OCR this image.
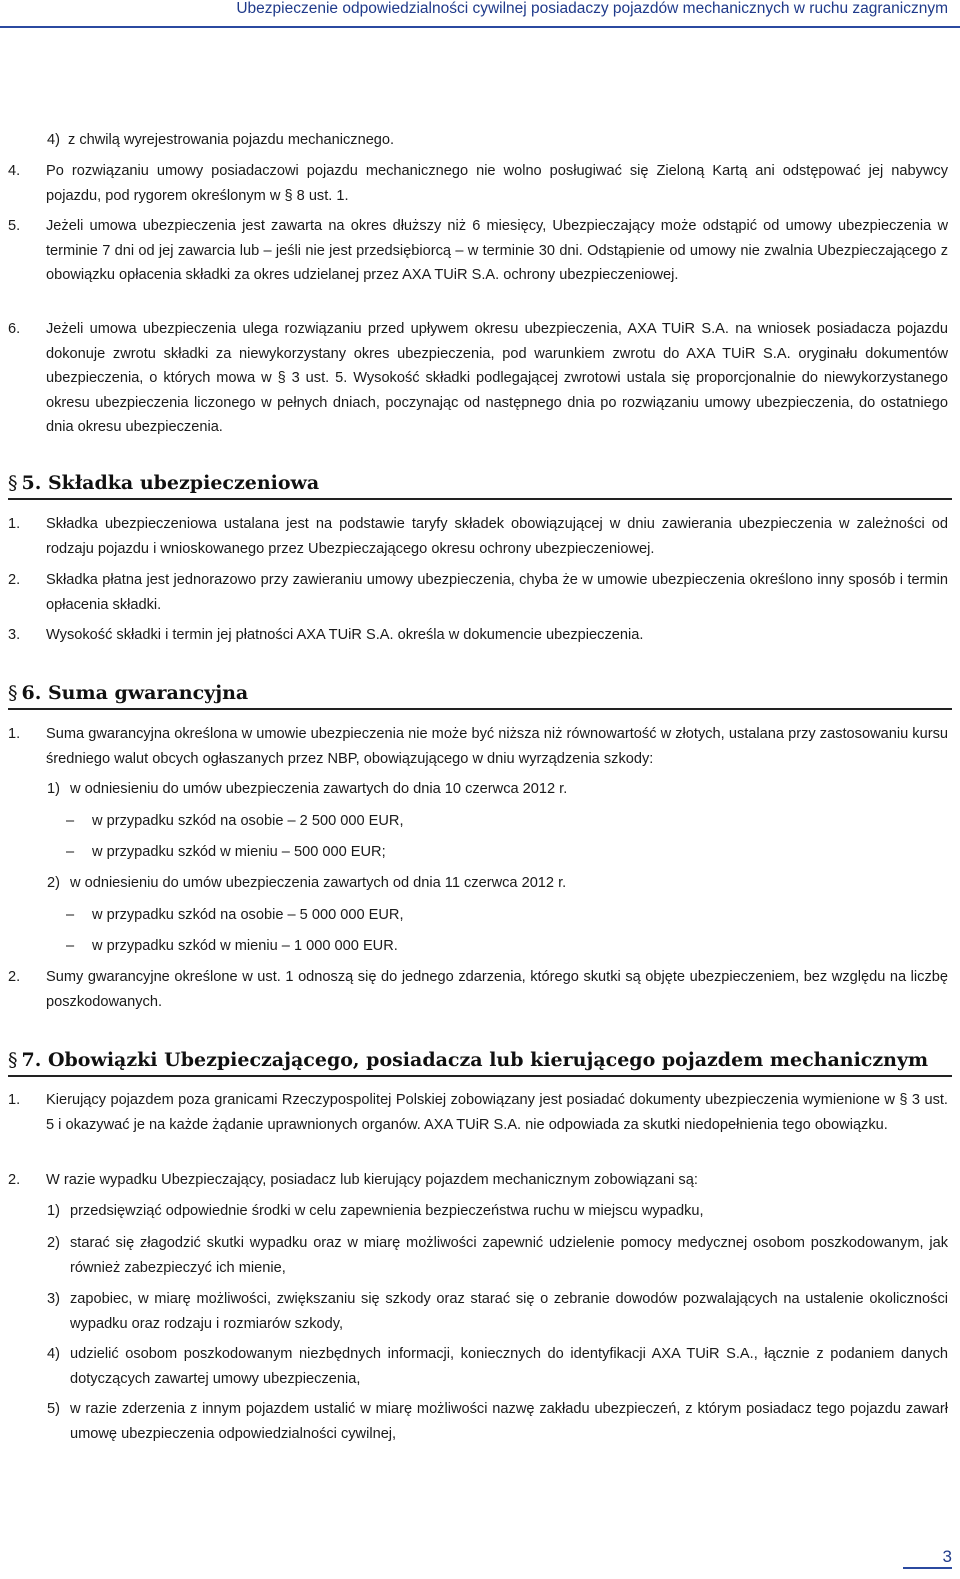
Ubezpieczenie odpowiedzialności cywilnej posiadaczy pojazdów mechanicznych w ruchu zagranicznym
4) z chwilą wyrejestrowania pojazdu mechanicznego.
4. Po rozwiązaniu umowy posiadaczowi pojazdu mechanicznego nie wolno posługiwać się Zieloną Kartą ani odstępować jej nabywcy pojazdu, pod rygorem określonym w § 8 ust. 1.
5. Jeżeli umowa ubezpieczenia jest zawarta na okres dłuższy niż 6 miesięcy, Ubezpieczający może odstąpić od umowy ubezpieczenia w terminie 7 dni od jej zawarcia lub – jeśli nie jest przedsiębiorcą – w terminie 30 dni. Odstąpienie od umowy nie zwalnia Ubezpieczającego z obowiązku opłacenia składki za okres udzielanej przez AXA TUiR S.A. ochrony ubezpieczeniowej.
6. Jeżeli umowa ubezpieczenia ulega rozwiązaniu przed upływem okresu ubezpieczenia, AXA TUiR S.A. na wniosek posiadacza pojazdu dokonuje zwrotu składki za niewykorzystany okres ubezpieczenia, pod warunkiem zwrotu do AXA TUiR S.A. oryginału dokumentów ubezpieczenia, o których mowa w § 3 ust. 5. Wysokość składki podlegającej zwrotowi ustala się proporcjonalnie do niewykorzystanego okresu ubezpieczenia liczonego w pełnych dniach, poczynając od następnego dnia po rozwiązaniu umowy ubezpieczenia, do ostatniego dnia okresu ubezpieczenia.
§ 5. Składka ubezpieczeniowa
1. Składka ubezpieczeniowa ustalana jest na podstawie taryfy składek obowiązującej w dniu zawierania ubezpieczenia w zależności od rodzaju pojazdu i wnioskowanego przez Ubezpieczającego okresu ochrony ubezpieczeniowej.
2. Składka płatna jest jednorazowo przy zawieraniu umowy ubezpieczenia, chyba że w umowie ubezpieczenia określono inny sposób i termin opłacenia składki.
3. Wysokość składki i termin jej płatności AXA TUiR S.A. określa w dokumencie ubezpieczenia.
§ 6. Suma gwarancyjna
1. Suma gwarancyjna określona w umowie ubezpieczenia nie może być niższa niż równowartość w złotych, ustalana przy zastosowaniu kursu średniego walut obcych ogłaszanych przez NBP, obowiązującego w dniu wyrządzenia szkody:
1) w odniesieniu do umów ubezpieczenia zawartych do dnia 10 czerwca 2012 r.
– w przypadku szkód na osobie – 2 500 000 EUR,
– w przypadku szkód w mieniu – 500 000 EUR;
2) w odniesieniu do umów ubezpieczenia zawartych od dnia 11 czerwca 2012 r.
– w przypadku szkód na osobie – 5 000 000 EUR,
– w przypadku szkód w mieniu – 1 000 000 EUR.
2. Sumy gwarancyjne określone w ust. 1 odnoszą się do jednego zdarzenia, którego skutki są objęte ubezpieczeniem, bez względu na liczbę poszkodowanych.
§ 7. Obowiązki Ubezpieczającego, posiadacza lub kierującego pojazdem mechanicznym
1. Kierujący pojazdem poza granicami Rzeczypospolitej Polskiej zobowiązany jest posiadać dokumenty ubezpieczenia wymienione w § 3 ust. 5 i okazywać je na każde żądanie uprawnionych organów. AXA TUiR S.A. nie odpowiada za skutki niedopełnienia tego obowiązku.
2. W razie wypadku Ubezpieczający, posiadacz lub kierujący pojazdem mechanicznym zobowiązani są:
1) przedsięwziąć odpowiednie środki w celu zapewnienia bezpieczeństwa ruchu w miejscu wypadku,
2) starać się złagodzić skutki wypadku oraz w miarę możliwości zapewnić udzielenie pomocy medycznej osobom poszkodowanym, jak również zabezpieczyć ich mienie,
3) zapobiec, w miarę możliwości, zwiększaniu się szkody oraz starać się o zebranie dowodów pozwalających na ustalenie okoliczności wypadku oraz rodzaju i rozmiarów szkody,
4) udzielić osobom poszkodowanym niezbędnych informacji, koniecznych do identyfikacji AXA TUiR S.A., łącznie z podaniem danych dotyczących zawartej umowy ubezpieczenia,
5) w razie zderzenia z innym pojazdem ustalić w miarę możliwości nazwę zakładu ubezpieczeń, z którym posiadacz tego pojazdu zawarł umowę ubezpieczenia odpowiedzialności cywilnej,
3
